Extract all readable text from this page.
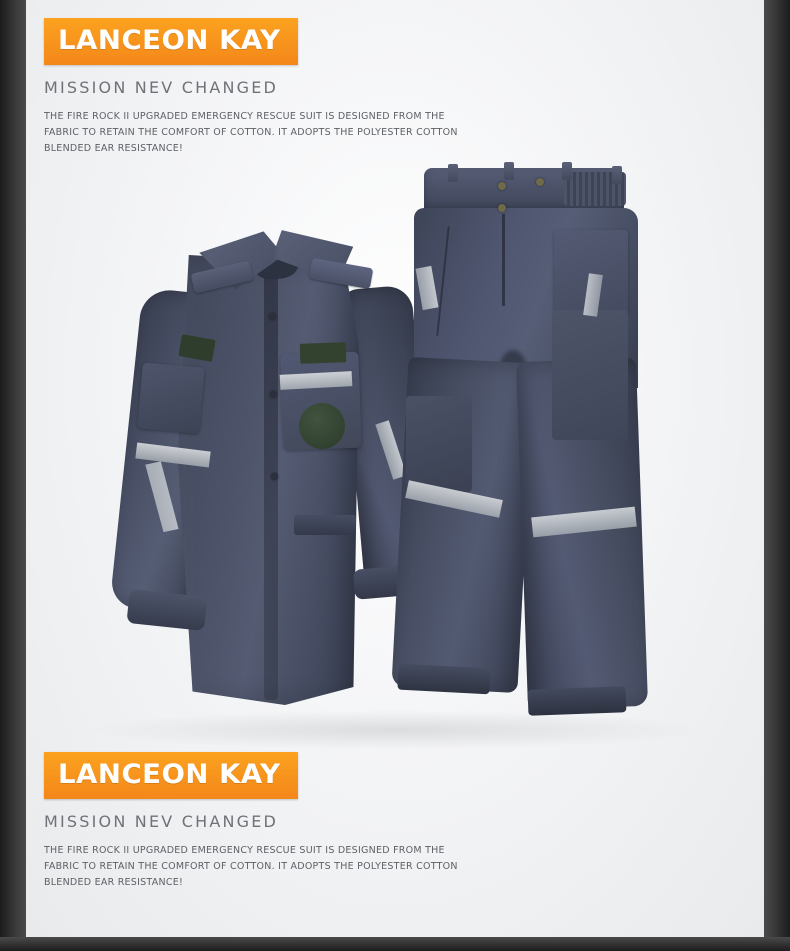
LANCEON KAY
MISSION NEV CHANGED
THE FIRE ROCK II UPGRADED EMERGENCY RESCUE SUIT IS DESIGNED FROM THE FABRIC TO RETAIN THE COMFORT OF COTTON. IT ADOPTS THE POLYESTER COTTON BLENDED EAR RESISTANCE!
LANCEON KAY
MISSION NEV CHANGED
THE FIRE ROCK II UPGRADED EMERGENCY RESCUE SUIT IS DESIGNED FROM THE FABRIC TO RETAIN THE COMFORT OF COTTON. IT ADOPTS THE POLYESTER COTTON BLENDED EAR RESISTANCE!
